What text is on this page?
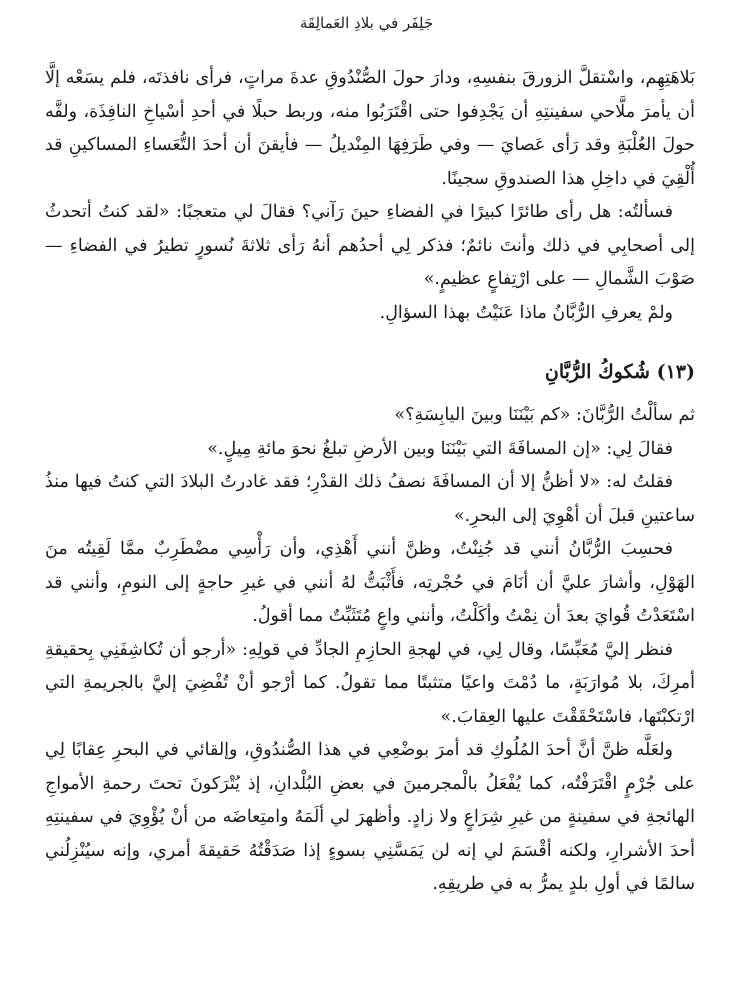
جَلِفَر في بلادِ العَمالِقَة

بَلاهَتِهِم، واسْتقلَّ الزورقَ بنفسِهِ، ودارَ حولَ الصُّنْدُوقِ عدةَ مراتٍ، فرأى نافذتَه، فلم يسَعْه إلَّا أن يأمرَ ملَّاحي سفينتِهِ أن يَجْدِفوا حتى اقْتَرَبُوا منه، وربط حبلًا في أحدِ أسْياخِ النافِذَة، ولفَّه حولَ العُلْبَةِ وقد رَأى عَصايَ — وفي طَرَفِهَا المِنْديلُ — فأيقنَ أن أحدَ التُّعَساءِ المساكينِ قد أُلْقِيَ في داخِلِ هذا الصندوقِ سجينًا.

فسألتُه: هل رأى طائرًا كبيرًا في الفضاءِ حينَ رَآني؟ فقالَ لي متعجبًا: «لقد كنتُ أتحدثُ إلى أصحابِي في ذلك وأنتَ نائمٌ؛ فذكر لِي أحدُهم أنهُ رَأى ثلاثةَ نُسورٍ تطيرُ في الفضاءِ — صَوْبَ الشَّمالِ — على ارْتِفاعٍ عظيمٍ.»

ولمْ يعرفِ الرُّبَّانُ ماذا عَنَيْتُ بهذا السؤالِ.

(١٣) شُكوكُ الرُّبَّانِ

ثم سألْتُ الرُّبَّانَ: «كم بَيْنَنَا وبينَ اليابِسَةِ؟»

فقالَ لِي: «إن المسافَةَ التي بَيْنَنَا وبين الأرضِ تبلغُ نحوَ مائةِ مِيلٍ.»

فقلتُ له: «لا أظنُّ إلا أن المسافَةَ نصفُ ذلك القدْرِ؛ فقد غادرتُ البلادَ التي كنتُ فيها منذُ ساعتينِ قبلَ أن أهْوِيَ إلى البحرِ.»

فحسِبَ الرُّبَّانُ أنني قد جُنِنْتُ، وظنَّ أنني أَهْذِي، وأن رَأْسِي مضْطَرِبٌ ممَّا لَقِيتُه منَ الهَوْلِ، وأشارَ عليَّ أن أنَامَ في حُجْرتِه، فأَثْبَتُّ لهُ أنني في غيرِ حاجةٍ إلى النومِ، وأنني قد اسْتَعَدْتُ قُوايَ بعدَ أن نِمْتُ وأكَلْتُ، وأنني واعٍ مُتَثَبِّتٌ مما أقولُ.

فنظر إليَّ مُعَبِّسًا، وقال لِي، في لهجةِ الحازِمِ الجادِّ في قولِهِ: «أرجو أن تُكاشِفَنِي بِحقيقةِ أمرِكَ، بلا مُوارَبَةٍ، ما دُمْتَ واعيًا متثبتًا مما تقولُ. كما أرْجو أنْ تُفْضِيَ إليَّ بالجريمةِ التي ارْتكبْتَها، فاسْتَحْقَقْتَ عليها العِقابَ.»

ولعَلَّه ظنَّ أنَّ أحدَ المُلُوكِ قد أمرَ بوضْعِي في هذا الصُّندُوقِ، وإلقائي في البحرِ عِقابًا لِي على جُرْمٍ اقْتَرَفْتُه، كما يُفْعَلُ بالْمجرمينَ في بعضِ البُلْدانِ، إذ يُتْرَكونَ تحتَ رحمةِ الأمواجِ الهائجةِ في سفينةٍ من غيرِ شِرَاعٍ ولا زادٍ. وأظهرَ لي ألَمَهُ وامتِعاضَه من أنْ يُؤْوِيَ في سفينتِهِ أحدَ الأشرارِ، ولكنه أقْسَمَ لي إنه لن يَمَسَّنِي بسوءٍ إذا صَدَقْتُهُ حَقيقةَ أمري، وإنه سيُنْزِلُني سالمًا في أولِ بلدٍ يمرُّ به في طريقِهِ.
